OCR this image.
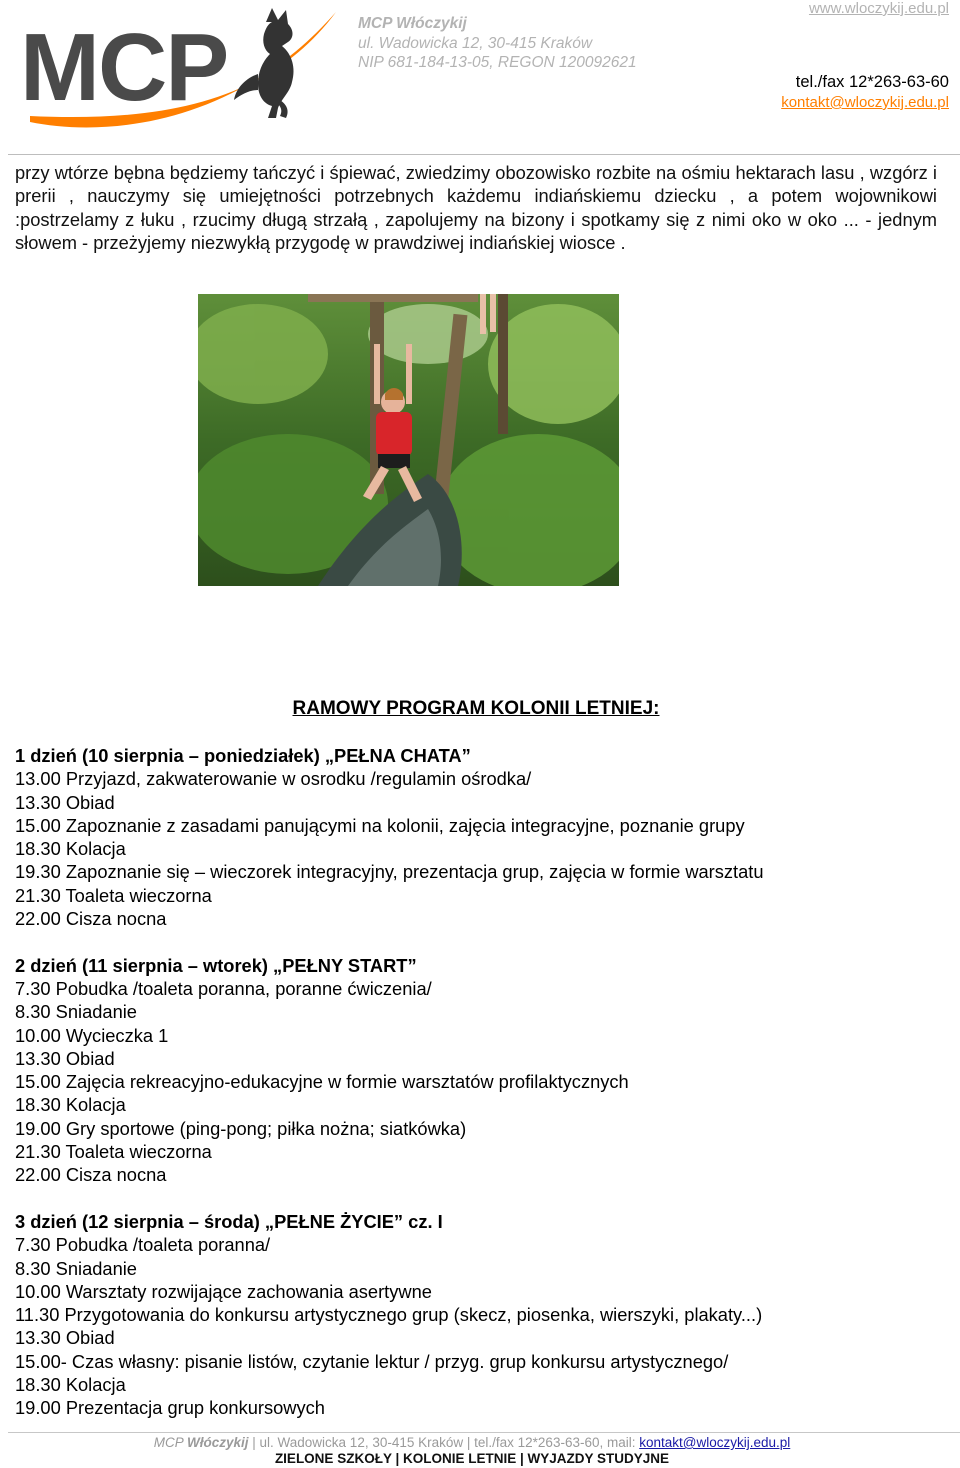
MCP	MCP Włóczykij
ul. Wadowicka 12, 30-415 Kraków
NIP 681-184-13-05, REGON 120092621
www.wloczykij.edu.pl
tel./fax 12*263-63-60
kontakt@wloczykij.edu.pl
przy wtórze bębna będziemy tańczyć i śpiewać, zwiedzimy obozowisko rozbite na ośmiu hektarach lasu , wzgórz i prerii , nauczymy się umiejętności potrzebnych każdemu indiańskiemu dziecku , a potem wojownikowi :postrzelamy z łuku , rzucimy długą strzałą , zapolujemy na bizony i spotkamy się z nimi oko w oko ... - jednym słowem - przeżyjemy niezwykłą przygodę w prawdziwej indiańskiej wiosce .
RAMOWY PROGRAM KOLONII LETNIEJ:
1 dzień (10 sierpnia – poniedziałek) „PEŁNA CHATA”
13.00 Przyjazd, zakwaterowanie w osrodku /regulamin ośrodka/
13.30 Obiad
15.00 Zapoznanie z zasadami panującymi na kolonii, zajęcia integracyjne, poznanie grupy
18.30 Kolacja
19.30 Zapoznanie się – wieczorek integracyjny, prezentacja grup, zajęcia w formie warsztatu
21.30 Toaleta wieczorna
22.00 Cisza nocna
2 dzień (11 sierpnia – wtorek) „PEŁNY START”
7.30 Pobudka /toaleta poranna, poranne ćwiczenia/
8.30 Sniadanie
10.00 Wycieczka 1
13.30 Obiad
15.00 Zajęcia rekreacyjno-edukacyjne w formie warsztatów profilaktycznych
18.30 Kolacja
19.00 Gry sportowe (ping-pong; piłka nożna; siatkówka)
21.30 Toaleta wieczorna
22.00 Cisza nocna
3 dzień (12 sierpnia – środa) „PEŁNE ŻYCIE” cz. I
7.30 Pobudka /toaleta poranna/
8.30 Sniadanie
10.00 Warsztaty rozwijające zachowania asertywne
11.30 Przygotowania do konkursu artystycznego grup (skecz, piosenka, wierszyki, plakaty...)
13.30 Obiad
15.00- Czas własny: pisanie listów, czytanie lektur / przyg. grup konkursu artystycznego/
18.30 Kolacja
19.00 Prezentacja grup konkursowych
MCP Włóczykij | ul. Wadowicka 12, 30-415 Kraków | tel./fax 12*263-63-60, mail: kontakt@wloczykij.edu.pl
ZIELONE SZKOŁY | KOLONIE LETNIE | WYJAZDY STUDYJNE
